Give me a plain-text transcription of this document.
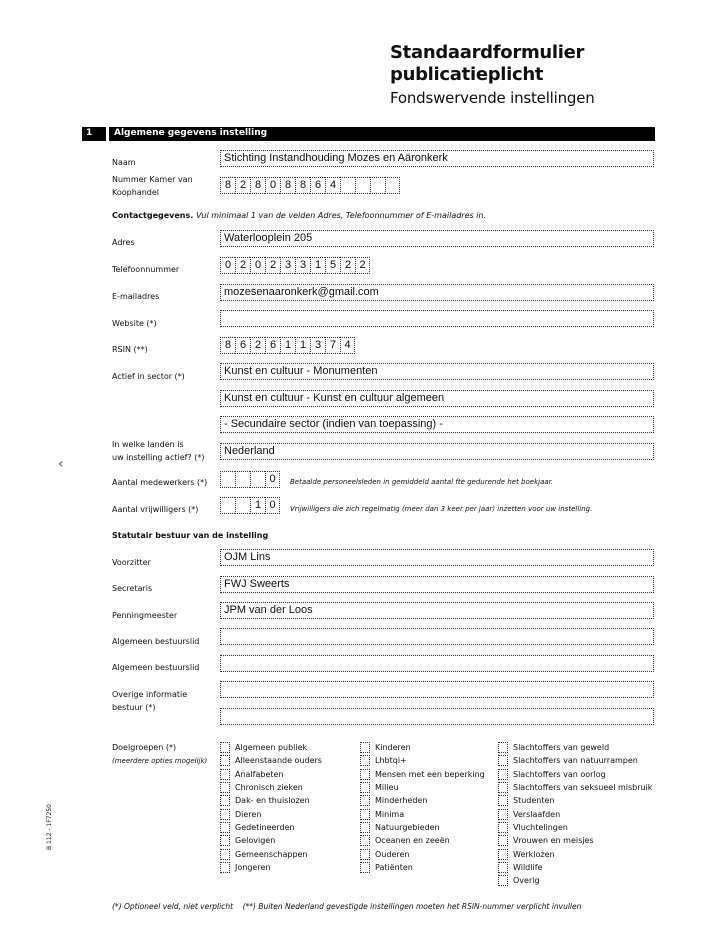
Standaardformulier
publicatieplicht
Fondswervende instellingen
1 Algemene gegevens instelling
Naam	Stichting Instandhouding Mozes en Aäronkerk
Nummer Kamer van
Koophandel
8 2 8 0 8 8 6 4
Contactgegevens. Vul minimaal 1 van de velden Adres, Telefoonnummer of E-mailadres in.
Adres	Waterlooplein 205
Telefoonnummer	0 2 0 2 3 3 1 5 2 2
E-mailadres	mozesenaaronkerk@gmail.com
Website (*)
RSIN (**)	8 6 2 6 1 1 3 7 4
Actief in sector (*)	Kunst en cultuur - Monumenten
Kunst en cultuur - Kunst en cultuur algemeen
- Secundaire sector (indien van toepassing) -
In welke landen is
uw instelling actief? (*)
Nederland
Aantal medewerkers (*)	0	Betaalde personeelsleden in gemiddeld aantal fte gedurende het boekjaar.
Aantal vrijwilligers (*)	1 0	Vrijwilligers die zich regelmatig (meer dan 3 keer per jaar) inzetten voor uw instelling.
Statutair bestuur van de instelling
Voorzitter	OJM Lins
Secretaris	FWJ Sweerts
Penningmeester	JPM van der Loos
Algemeen bestuurslid
Algemeen bestuurslid
Overige informatie
bestuur (*)
Doelgroepen (*)
(meerdere opties mogelijk)
Algemeen publiek
Alleenstaande ouders
Analfabeten
Chronisch zieken
Dak- en thuislozen
Dieren
Gedetineerden
Gelovigen
Gemeenschappen
Jongeren
Kinderen
Lhbtqi+
Mensen met een beperking
Milieu
Minderheden
Minima
Natuurgebieden
Oceanen en zeeën
Ouderen
Patiënten
Slachtoffers van geweld
Slachtoffers van natuurrampen
Slachtoffers van oorlog
Slachtoffers van seksueel misbruik
Studenten
Verslaafden
Vluchtelingen
Vrouwen en meisjes
Werklozen
Wildlife
Overig
(*) Optioneel veld, niet verplicht (**) Buiten Nederland gevestigde instellingen moeten het RSIN-nummer verplicht invullen
B 112 - 1F7250
‹
